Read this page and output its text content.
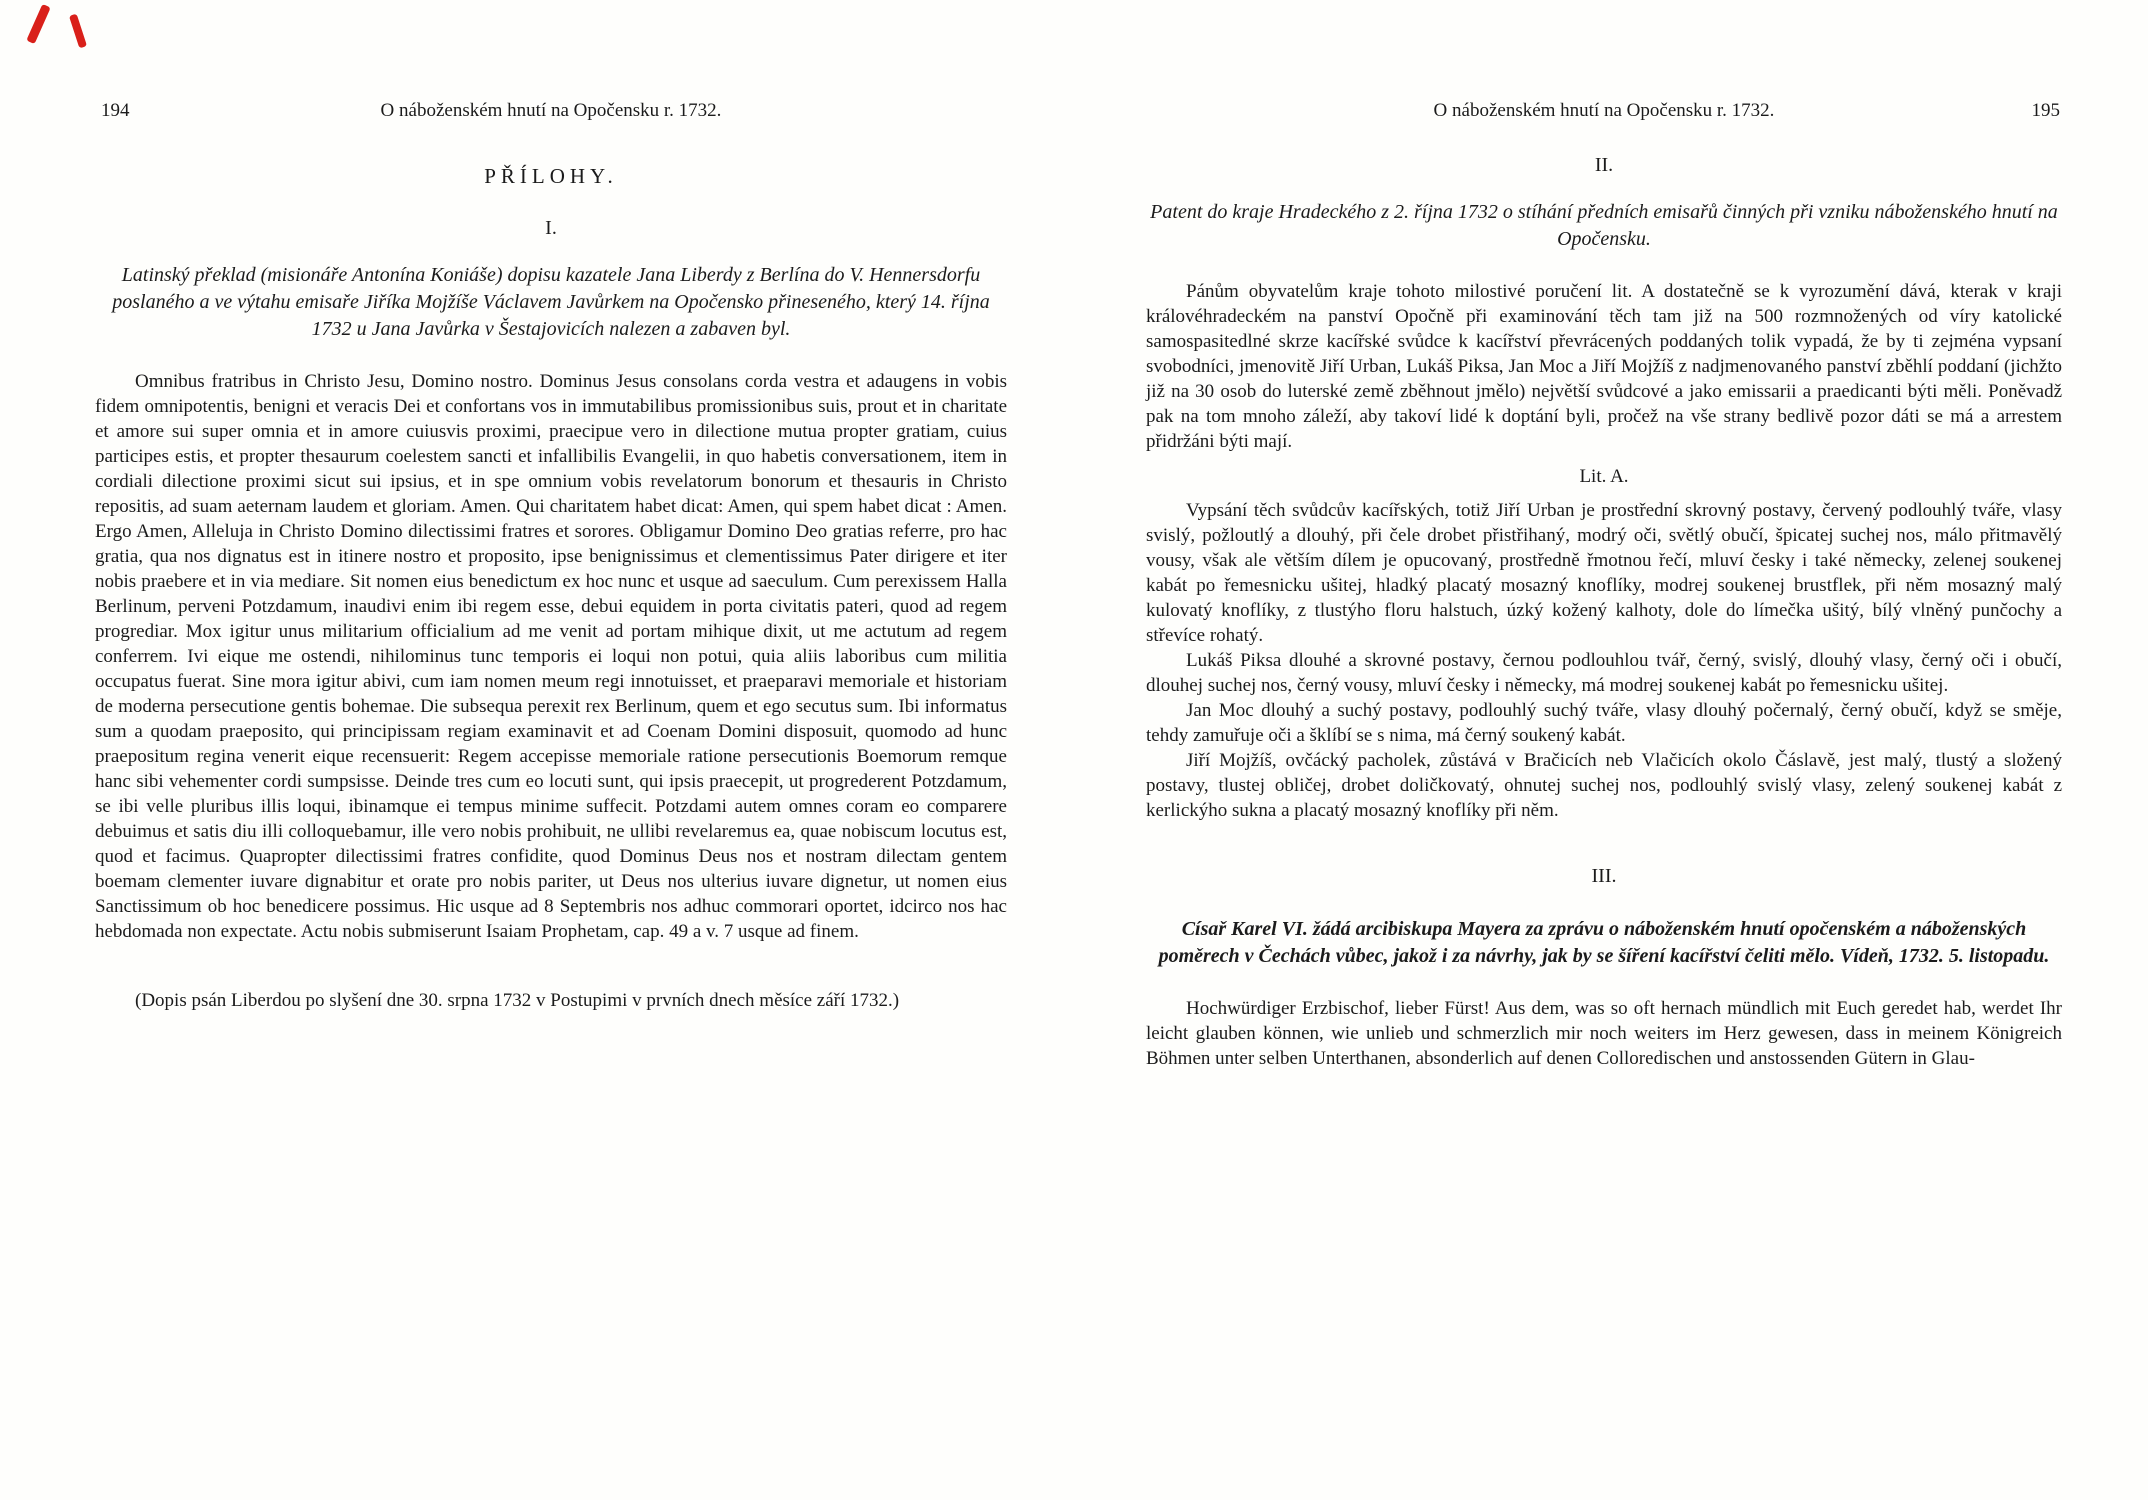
194	O náboženském hnutí na Opočensku r. 1732.
PŘÍLOHY.
I.

Latinský překlad (misionáře Antonína Koniáše) dopisu kazatele Jana Liberdy z Berlína do V. Hennersdorfu poslaného a ve výtahu emisaře Jiříka Mojžíše Václavem Javůrkem na Opočensko přineseného, který 14. října 1732 u Jana Javůrka v Šestajovicích nalezen a zabaven byl.

Omnibus fratribus in Christo Jesu, Domino nostro. Dominus Jesus consolans corda vestra et adaugens in vobis fidem omnipotentis, benigni et veracis Dei et confortans vos in immutabilibus promissionibus suis, prout et in charitate et amore sui super omnia et in amore cuiusvis proximi, praecipue vero in dilectione mutua propter gratiam, cuius participes estis, et propter thesaurum coelestem sancti et infallibilis Evangelii, in quo habetis conversationem, item in cordiali dilectione proximi sicut sui ipsius, et in spe omnium vobis revelatorum bonorum et thesauris in Christo repositis, ad suam aeternam laudem et gloriam. Amen. Qui charitatem habet dicat: Amen, qui spem habet dicat : Amen. Ergo Amen, Alleluja in Christo Domino dilectissimi fratres et sorores. Obligamur Domino Deo gratias referre, pro hac gratia, qua nos dignatus est in itinere nostro et proposito, ipse benignissimus et clementissimus Pater dirigere et iter nobis praebere et in via mediare. Sit nomen eius benedictum ex hoc nunc et usque ad saeculum. Cum perexissem Halla Berlinum, perveni Potzdamum, inaudivi enim ibi regem esse, debui equidem in porta civitatis pateri, quod ad regem progrediar. Mox igitur unus militarium officialium ad me venit ad portam mihique dixit, ut me actutum ad regem conferrem. Ivi eique me ostendi, nihilominus tunc temporis ei loqui non potui, quia aliis laboribus cum militia occupatus fuerat. Sine mora igitur abivi, cum iam nomen meum regi innotuisset, et praeparavi memoriale et historiam de moderna persecutione gentis bohemae. Die subsequa perexit rex Berlinum, quem et ego secutus sum. Ibi informatus sum a quodam praeposito, qui principissam regiam examinavit et ad Coenam Domini disposuit, quomodo ad hunc praepositum regina venerit eique recensuerit: Regem accepisse memoriale ratione persecutionis Boemorum remque hanc sibi vehementer cordi sumpsisse. Deinde tres cum eo locuti sunt, qui ipsis praecepit, ut progrederent Potzdamum, se ibi velle pluribus illis loqui, ibinamque ei tempus minime suffecit. Potzdami autem omnes coram eo comparere debuimus et satis diu illi colloquebamur, ille vero nobis prohibuit, ne ullibi revelaremus ea, quae nobiscum locutus est, quod et facimus. Quapropter dilectissimi fratres confidite, quod Dominus Deus nos et nostram dilectam gentem boemam clementer iuvare dignabitur et orate pro nobis pariter, ut Deus nos ulterius iuvare dignetur, ut nomen eius Sanctissimum ob hoc benedicere possimus. Hic usque ad 8 Septembris nos adhuc commorari oportet, idcirco nos hac hebdomada non expectate. Actu nobis submiserunt Isaiam Prophetam, cap. 49 a v. 7 usque ad finem.

(Dopis psán Liberdou po slyšení dne 30. srpna 1732 v Postupimi v prvních dnech měsíce září 1732.)

O náboženském hnutí na Opočensku r. 1732.	195
II.

Patent do kraje Hradeckého z 2. října 1732 o stíhání předních emisařů činných při vzniku náboženského hnutí na Opočensku.

Pánům obyvatelům kraje tohoto milostivé poručení lit. A dostatečně se k vyrozumění dává, kterak v kraji královéhradeckém na panství Opočně při examinování těch tam již na 500 rozmnožených od víry katolické samospasitedlné skrze kacířské svůdce k kacířství převrácených poddaných tolik vypadá, že by ti zejména vypsaní svobodníci, jmenovitě Jiří Urban, Lukáš Piksa, Jan Moc a Jiří Mojžíš z nadjmenovaného panství zběhlí poddaní (jichžto již na 30 osob do luterské země zběhnout jmělo) největší svůdcové a jako emissarii a praedicanti býti měli. Poněvadž pak na tom mnoho záleží, aby takoví lidé k doptání byli, pročež na vše strany bedlivě pozor dáti se má a arrestem přidržáni býti mají.

Lit. A.

Vypsání těch svůdcův kacířských, totiž Jiří Urban je prostřední skrovný postavy, červený podlouhlý tváře, vlasy svislý, požloutlý a dlouhý, při čele drobet přistřihaný, modrý oči, světlý obučí, špicatej suchej nos, málo přitmavělý vousy, však ale větším dílem je opucovaný, prostředně řmotnou řečí, mluví česky i také německy, zelenej soukenej kabát po řemesnicku ušitej, hladký placatý mosazný knoflíky, modrej soukenej brustflek, při něm mosazný malý kulovatý knoflíky, z tlustýho floru halstuch, úzký kožený kalhoty, dole do límečka ušitý, bílý vlněný punčochy a střevíce rohatý.

Lukáš Piksa dlouhé a skrovné postavy, černou podlouhlou tvář, černý, svislý, dlouhý vlasy, černý oči i obučí, dlouhej suchej nos, černý vousy, mluví česky i německy, má modrej soukenej kabát po řemesnicku ušitej.

Jan Moc dlouhý a suchý postavy, podlouhlý suchý tváře, vlasy dlouhý počernalý, černý obučí, když se směje, tehdy zamuřuje oči a šklíbí se s nima, má černý soukený kabát.

Jiří Mojžíš, ovčácký pacholek, zůstává v Bračicích neb Vlačicích okolo Čáslavě, jest malý, tlustý a složený postavy, tlustej obličej, drobet doličkovatý, ohnutej suchej nos, podlouhlý svislý vlasy, zelený soukenej kabát z kerlickýho sukna a placatý mosazný knoflíky při něm.

III.

Císař Karel VI. žádá arcibiskupa Mayera za zprávu o náboženském hnutí opočenském a náboženských poměrech v Čechách vůbec, jakož i za návrhy, jak by se šíření kacířství čeliti mělo. Vídeň, 1732. 5. listopadu.

Hochwürdiger Erzbischof, lieber Fürst! Aus dem, was so oft hernach mündlich mit Euch geredet hab, werdet Ihr leicht glauben können, wie unlieb und schmerzlich mir noch weiters im Herz gewesen, dass in meinem Königreich Böhmen unter selben Unterthanen, absonderlich auf denen Colloredischen und anstossenden Gütern in Glau-
